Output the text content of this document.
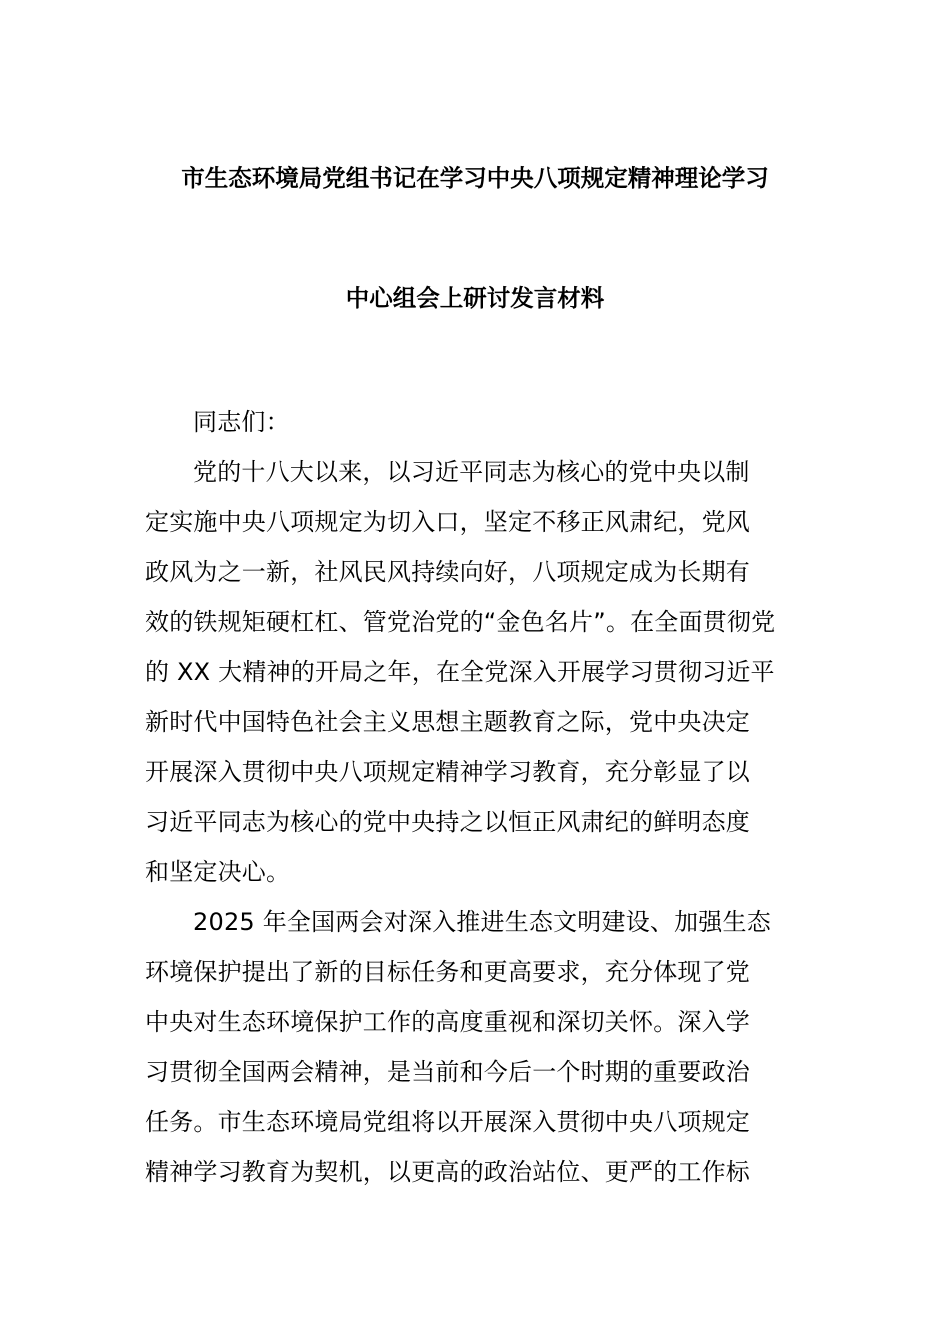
市生态环境局党组书记在学习中央八项规定精神理论学习
中心组会上研讨发言材料

同志们：

党的十八大以来，以习近平同志为核心的党中央以制
定实施中央八项规定为切入口，坚定不移正风肃纪，党风
政风为之一新，社风民风持续向好，八项规定成为长期有
效的铁规矩硬杠杠、管党治党的“金色名片”。在全面贯彻党
的 XX 大精神的开局之年，在全党深入开展学习贯彻习近平
新时代中国特色社会主义思想主题教育之际，党中央决定
开展深入贯彻中央八项规定精神学习教育，充分彰显了以
习近平同志为核心的党中央持之以恒正风肃纪的鲜明态度
和坚定决心。
2025 年全国两会对深入推进生态文明建设、加强生态
环境保护提出了新的目标任务和更高要求，充分体现了党
中央对生态环境保护工作的高度重视和深切关怀。深入学
习贯彻全国两会精神，是当前和今后一个时期的重要政治
任务。市生态环境局党组将以开展深入贯彻中央八项规定
精神学习教育为契机，以更高的政治站位、更严的工作标
